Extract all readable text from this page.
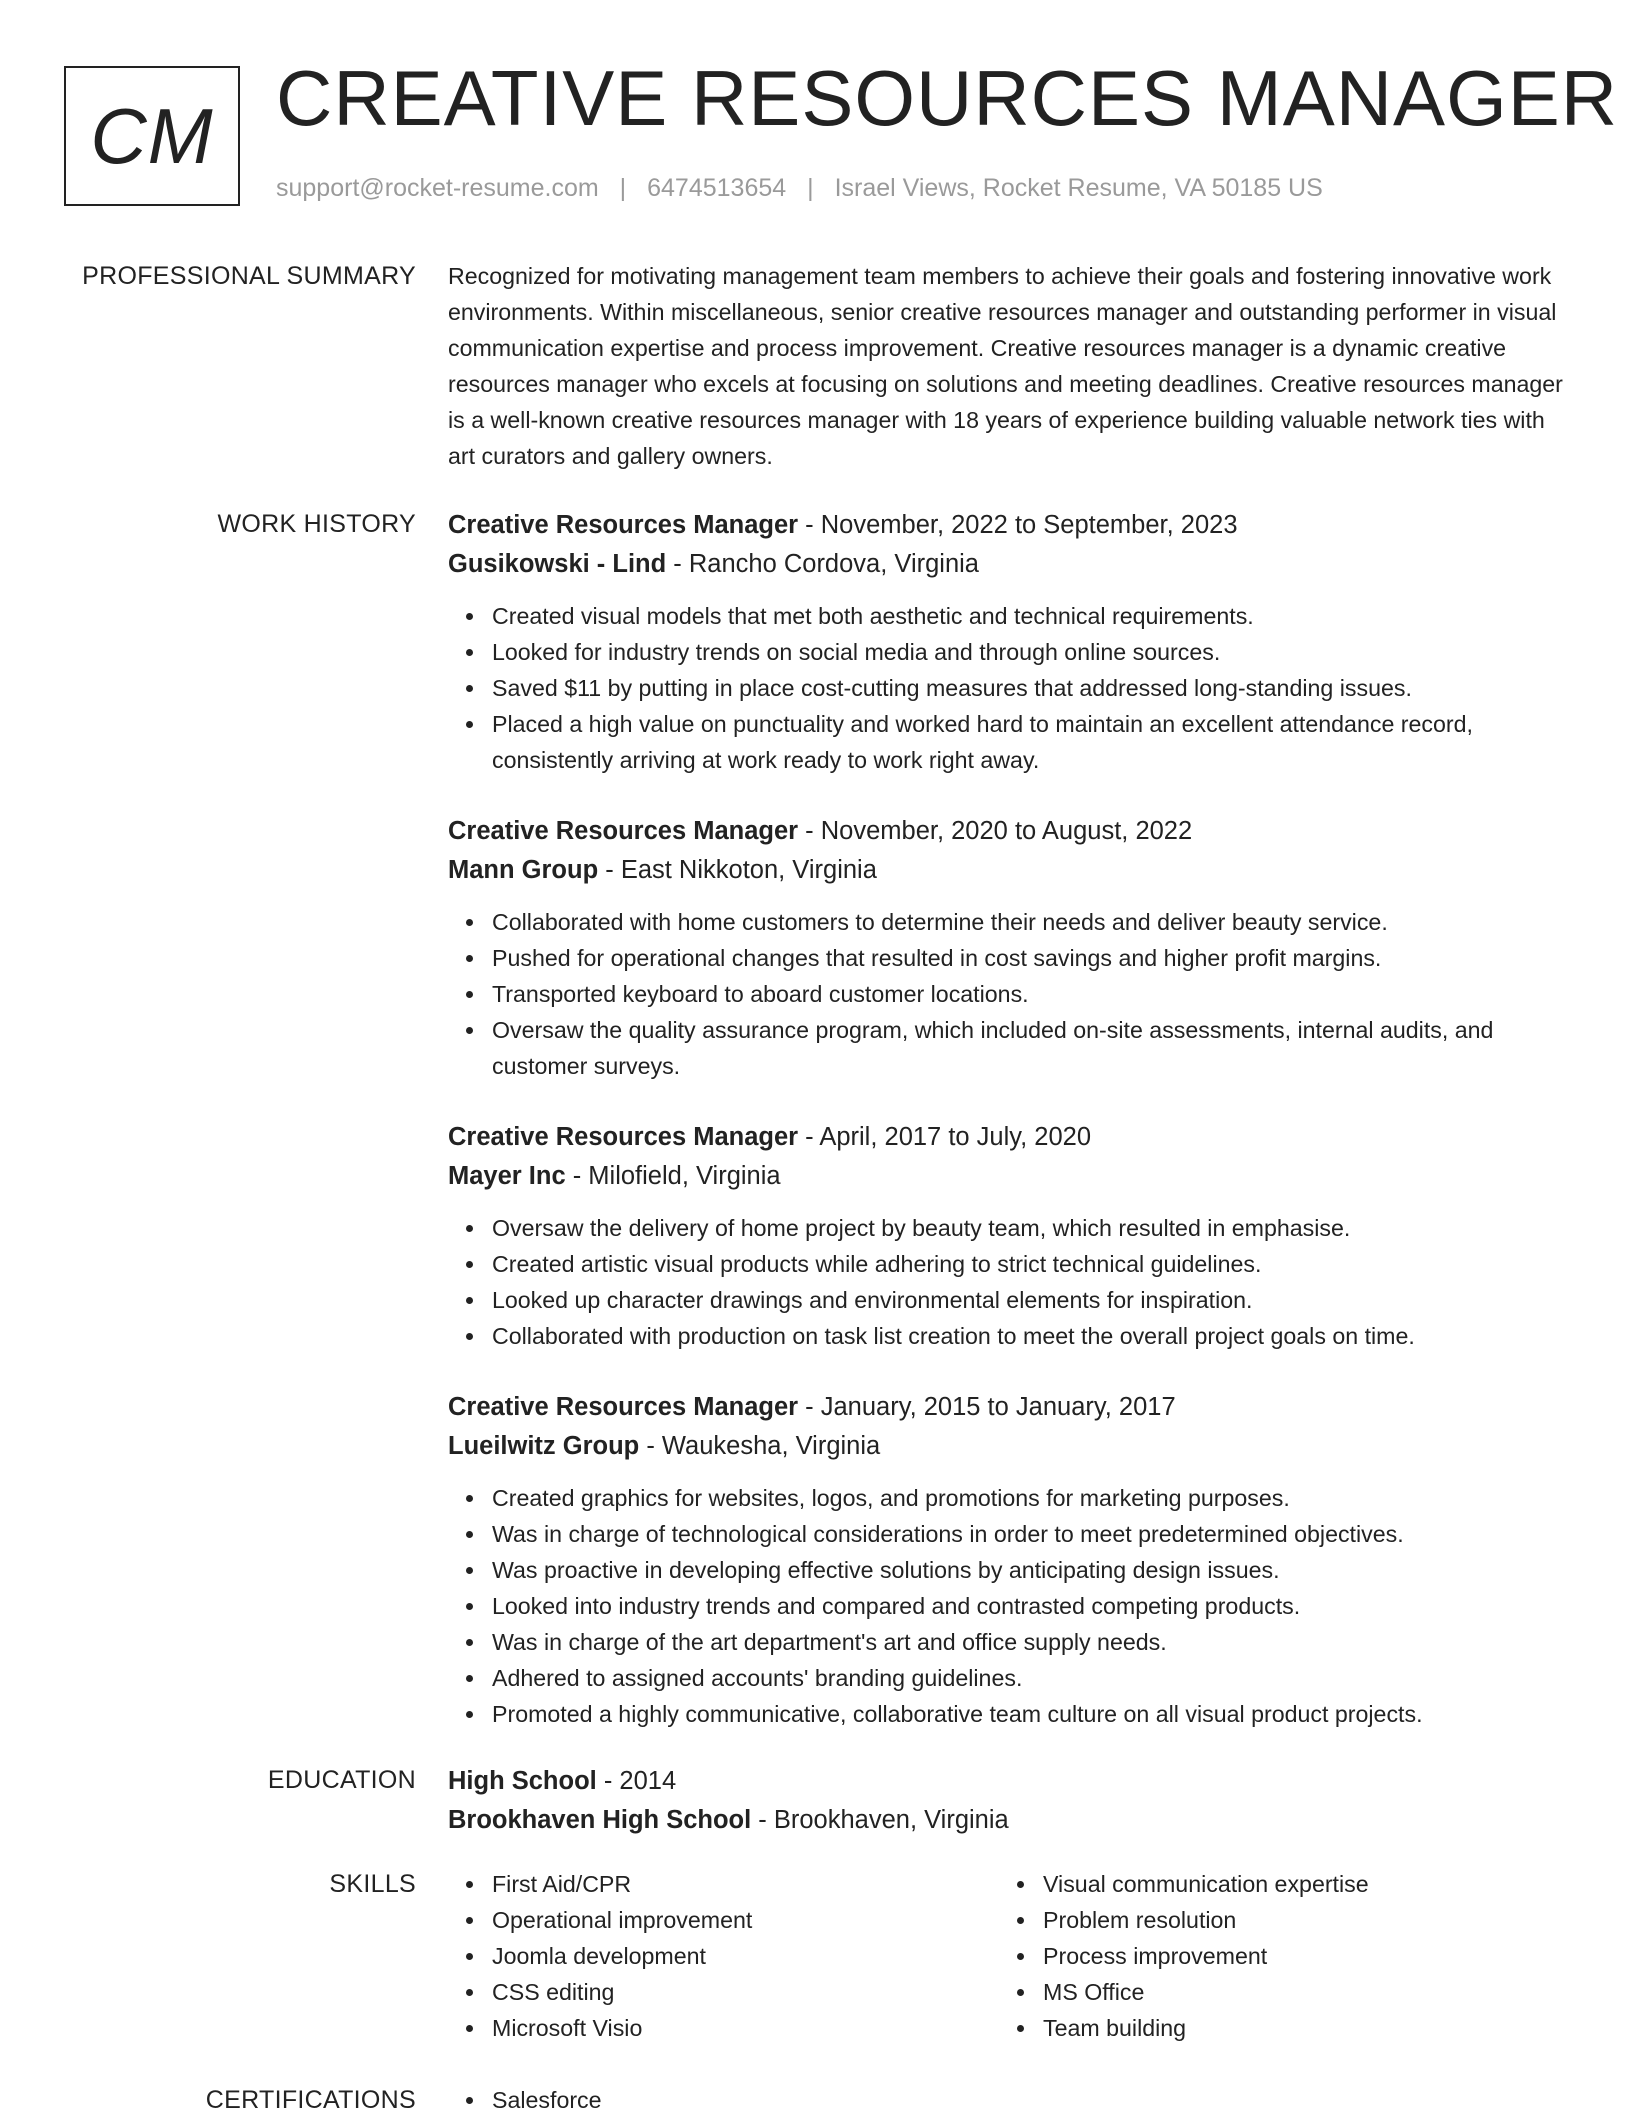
CM CREATIVE RESOURCES MANAGER
support@rocket-resume.com | 6474513654 | Israel Views, Rocket Resume, VA 50185 US
PROFESSIONAL SUMMARY Recognized for motivating management team members to achieve their goals and fostering innovative work environments. Within miscellaneous, senior creative resources manager and outstanding performer in visual communication expertise and process improvement. Creative resources manager is a dynamic creative resources manager who excels at focusing on solutions and meeting deadlines. Creative resources manager is a well-known creative resources manager with 18 years of experience building valuable network ties with art curators and gallery owners.

WORK HISTORY Creative Resources Manager - November, 2022 to September, 2023
Gusikowski - Lind - Rancho Cordova, Virginia
Created visual models that met both aesthetic and technical requirements.
Looked for industry trends on social media and through online sources.
Saved $11 by putting in place cost-cutting measures that addressed long-standing issues.
Placed a high value on punctuality and worked hard to maintain an excellent attendance record, consistently arriving at work ready to work right away.
Creative Resources Manager - November, 2020 to August, 2022
Mann Group - East Nikkoton, Virginia
Collaborated with home customers to determine their needs and deliver beauty service.
Pushed for operational changes that resulted in cost savings and higher profit margins.
Transported keyboard to aboard customer locations.
Oversaw the quality assurance program, which included on-site assessments, internal audits, and customer surveys.
Creative Resources Manager - April, 2017 to July, 2020
Mayer Inc - Milofield, Virginia
Oversaw the delivery of home project by beauty team, which resulted in emphasise.
Created artistic visual products while adhering to strict technical guidelines.
Looked up character drawings and environmental elements for inspiration.
Collaborated with production on task list creation to meet the overall project goals on time.
Creative Resources Manager - January, 2015 to January, 2017
Lueilwitz Group - Waukesha, Virginia
Created graphics for websites, logos, and promotions for marketing purposes.
Was in charge of technological considerations in order to meet predetermined objectives.
Was proactive in developing effective solutions by anticipating design issues.
Looked into industry trends and compared and contrasted competing products.
Was in charge of the art department's art and office supply needs.
Adhered to assigned accounts' branding guidelines.
Promoted a highly communicative, collaborative team culture on all visual product projects.
EDUCATION High School - 2014
Brookhaven High School - Brookhaven, Virginia
SKILLS	First Aid/CPR
Operational improvement
Joomla development
CSS editing
Microsoft Visio
Visual communication expertise
Problem resolution
Process improvement
MS Office
Team building
CERTIFICATIONS	Salesforce
